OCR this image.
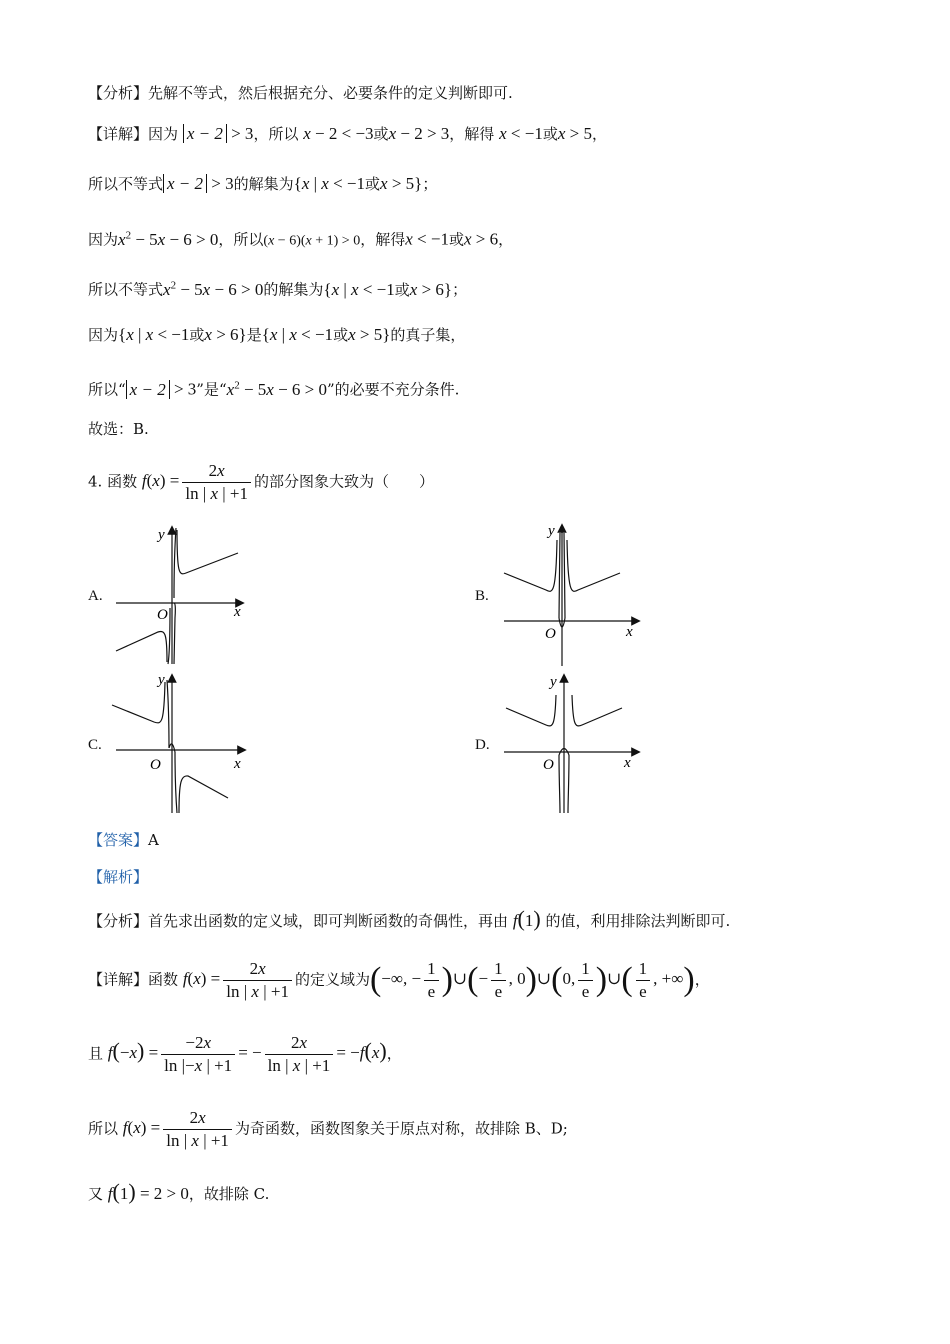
【分析】先解不等式，然后根据充分、必要条件的定义判断即可.
【详解】因为 x − 2 > 3，所以 x − 2 < −3或x − 2 > 3，解得 x < −1或x > 5，
所以不等式 x − 2 > 3的解集为{x | x < −1或x > 5}；
因为$x^2 - 5x - 6 > 0$，所以(x − 6)(x + 1) > 0，解得x < −1或x > 6，
所以不等式$x^2 - 5x - 6 > 0$的解集为{x | x < −1或x > 6}；
因为{x | x < −1或x > 6}是{x | x < −1或x > 5}的真子集，
所以“ x − 2 > 3”是“$x^2 - 5x - 6 > 0$”的必要不充分条件.
故选：B.
4. 函数 $f(x) = \frac{2x}{\ln | x | +1}$ 的部分图象大致为（　　）
A.	B.
C.	D.
y
x
O
y
x
O
y
x
O
y
x
O
【答案】A
【解析】
【分析】首先求出函数的定义域，即可判断函数的奇偶性，再由 f(1) 的值，利用排除法判断即可.
【详解】函数 $f(x) = \frac{2x}{\ln | x | +1}$ 的定义域为(−∞, − $\frac{1}{e}$ )∪(− $\frac{1}{e}$ , 0)∪(0, $\frac{1}{e}$ )∪( $\frac{1}{e}$ , +∞)，
且 $f(-x) = \frac{-2x}{\ln |-x | +1}$ = − $\frac{2x}{\ln | x | +1} = -f(x)$，
所以 $f(x) = \frac{2x}{\ln | x | +1}$ 为奇函数，函数图象关于原点对称，故排除 B、D;
又 f(1) = 2 > 0，故排除 C.
